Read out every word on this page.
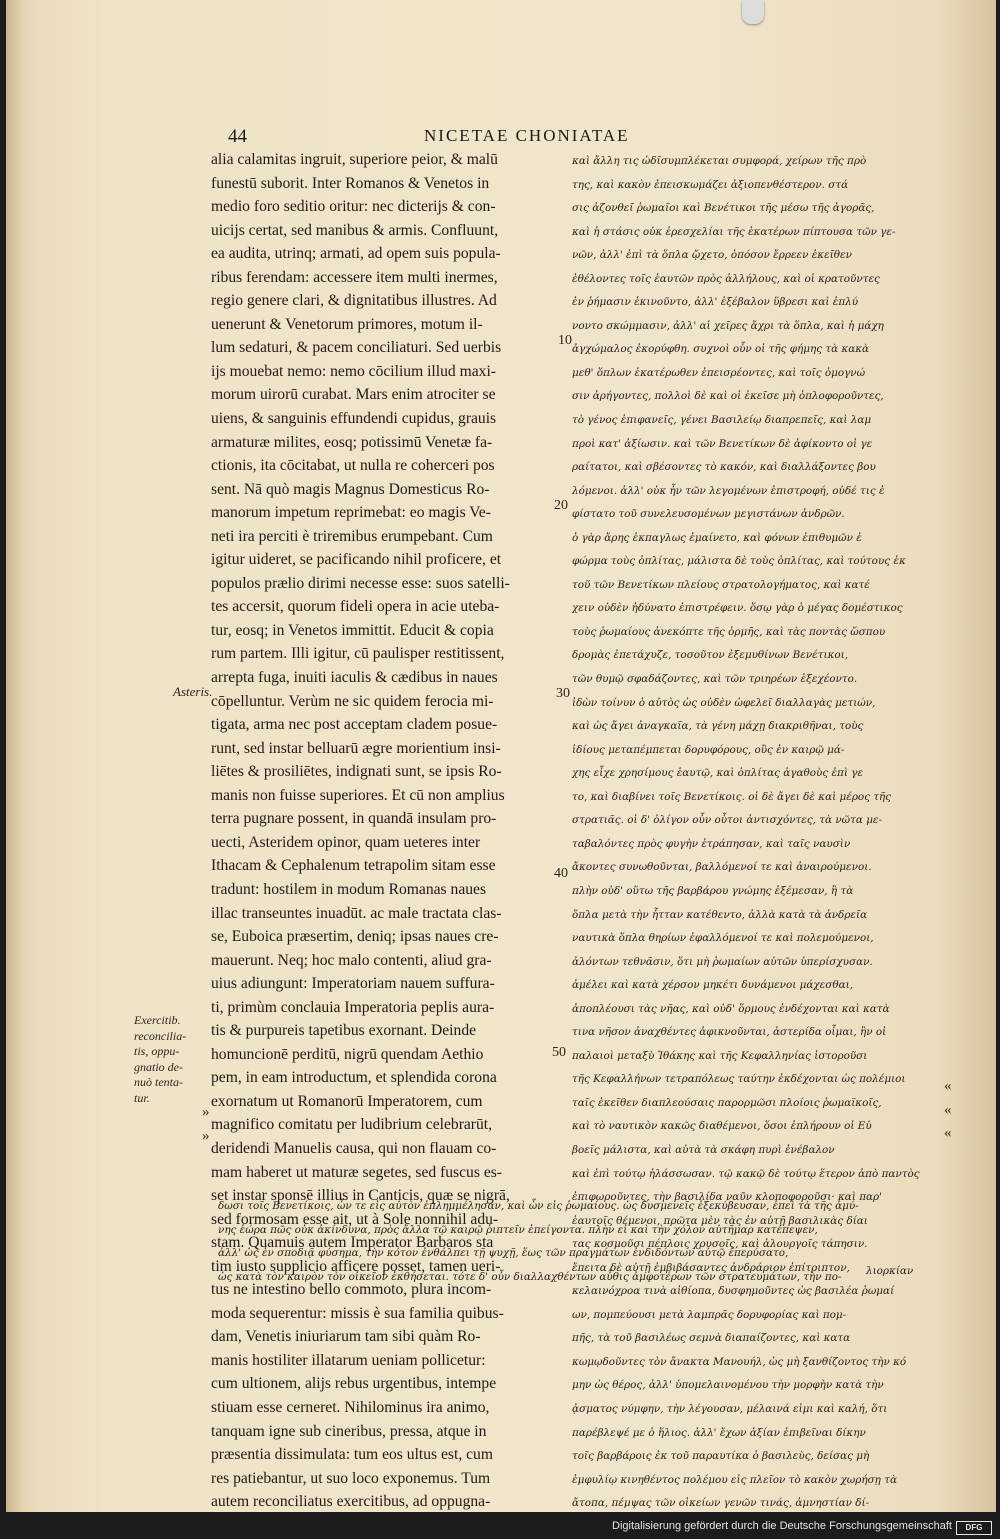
44	NICETAE CHONIATAE
alia calamitas ingruit, superiore peior, & malū
funestū suborit. Inter Romanos & Venetos in
medio foro seditio oritur: nec dicterijs & con-
uicijs certat, sed manibus & armis. Confluunt,
ea audita, utrinq; armati, ad opem suis popula-
ribus ferendam: accessere item multi inermes,
regio genere clari, & dignitatibus illustres. Ad
uenerunt & Venetorum primores, motum il-
lum sedaturi, & pacem conciliaturi. Sed uerbis
ijs mouebat nemo: nemo cōcilium illud maxi-
morum uirorū curabat. Mars enim atrociter se
uiens, & sanguinis effundendi cupidus, grauis
armaturæ milites, eosq; potissimū Venetæ fa-
ctionis, ita cōcitabat, ut nulla re coherceri pos
sent. Nā quò magis Magnus Domesticus Ro-
manorum impetum reprimebat: eo magis Ve-
neti ira perciti è triremibus erumpebant. Cum
igitur uideret, se pacificando nihil proficere, et
populos prælio dirimi necesse esse: suos satelli-
tes accersit, quorum fideli opera in acie uteba-
tur, eosq; in Venetos immittit. Educit & copia
rum partem. Illi igitur, cū paulisper restitissent,
arrepta fuga, inuiti iaculis & cædibus in naues
cōpelluntur. Verùm ne sic quidem ferocia mi-
tigata, arma nec post acceptam cladem posue-
runt, sed instar belluarū ægre morientium insi-
liētes & prosiliētes, indignati sunt, se ipsis Ro-
manis non fuisse superiores. Et cū non amplius
terra pugnare possent, in quandā insulam pro-
uecti, Asteridem opinor, quam ueteres inter
Ithacam & Cephalenum tetrapolim sitam esse
tradunt: hostilem in modum Romanas naues
illac transeuntes inuadūt. ac male tractata clas-
se, Euboica præsertim, deniq; ipsas naues cre-
mauerunt. Neq; hoc malo contenti, aliud gra-
uius adiungunt: Imperatoriam nauem suffura-
ti, primùm conclauia Imperatoria peplis aura-
tis & purpureis tapetibus exornant. Deinde
homuncionē perditū, nigrū quendam Aethio
pem, in eam introductum, et splendida corona
exornatum ut Romanorū Imperatorem, cum
magnifico comitatu per ludibrium celebrarūt,
deridendi Manuelis causa, qui non flauam co-
mam haberet ut maturæ segetes, sed fuscus es-
set instar sponsē illius in Canticis, quæ se nigrā,
sed formosam esse ait, ut à Sole nonnihil adu-
stam. Quamuis autem Imperator Barbaros sta
tim iusto supplicio afficere posset, tamen ueri-
tus ne intestino bello commoto, plura incom-
moda sequerentur: missis è sua familia quibus-
dam, Venetis iniuriarum tam sibi quàm Ro-
manis hostiliter illatarum ueniam pollicetur:
cum ultionem, alijs rebus urgentibus, intempe
stiuam esse cerneret. Nihilominus ira animo,
tanquam igne sub cineribus, pressa, atque in
præsentia dissimulata: tum eos ultus est, cum
res patiebantur, ut suo loco exponemus. Tum
autem reconciliatus exercitibus, ad oppugna-
καὶ ἄλλη τις ὠδῖσυμπλέκεται συμφορά, χείρων τῆς πρὸ
της, καὶ κακὸν ἐπεισκωμάζει ἀξιοπενθέστερον. στά
σις ἀζονθεῖ ῥωμαῖοι καὶ Βενέτικοι τῆς μέσω τῆς ἀγορᾶς,
καὶ ἡ στάσις οὐκ ἐρεσχελίαι τῆς ἑκατέρων πίπτουσα τῶν γε-
νῶν, ἀλλ' ἐπὶ τὰ ὅπλα ᾤχετο, ὁπόσον ἔρρεεν ἐκεῖθεν
ἐθέλοντες τοῖς ἑαυτῶν πρὸς ἀλλήλους, καὶ οἱ κρατοῦντες
ἐν ῥήμασιν ἐκινοῦντο, ἀλλ' ἐξέβαλον ὕβρεσι καὶ ἐπλύ
νοντο σκώμμασιν, ἀλλ' αἱ χεῖρες ἄχρι τὰ ὅπλα, καὶ ἡ μάχη
ἀγχώμαλος ἐκορύφθη. συχνοὶ οὖν οἱ τῆς φήμης τὰ κακὰ
μεθ' ὅπλων ἑκατέρωθεν ἐπεισρέοντες, καὶ τοῖς ὁμογνώ
σιν ἀρήγοντες, πολλοὶ δὲ καὶ οἱ ἐκεῖσε μὴ ὁπλοφοροῦντες,
τὸ γένος ἐπιφανεῖς, γένει Βασιλείῳ διαπρεπεῖς, καὶ λαμ
προὶ κατ' ἀξίωσιν. καὶ τῶν Βενετίκων δὲ ἀφίκοντο οἱ γε
ραίτατοι, καὶ σβέσοντες τὸ κακόν, καὶ διαλλάξοντες βου
λόμενοι. ἀλλ' οὐκ ἦν τῶν λεγομένων ἐπιστροφή, οὐδέ τις ἐ
φίστατο τοῦ συνελευσομένων μεγιστάνων ἀνδρῶν.
ὁ γὰρ ἄρης ἐκπαγλως ἐμαίνετο, καὶ φόνων ἐπιθυμῶν ἐ
φώρμα τοὺς ὁπλίτας, μάλιστα δὲ τοὺς ὁπλίτας, καὶ τούτους ἐκ
τοῦ τῶν Βενετίκων πλείους στρατολογήματος, καὶ κατέ
χειν οὐδὲν ἠδύνατο ἐπιστρέφειν. ὅσῳ γὰρ ὁ μέγας δομέστικος
τοὺς ῥωμαίους ἀνεκόπτε τῆς ὁρμῆς, καὶ τὰς ποντὰς ὥσπου
δρομὰς ἐπετάχυζε, τοσοῦτον ἐξεμυθίνων Βενέτικοι,
τῶν θυμῷ σφαδάζοντες, καὶ τῶν τριηρέων ἐξεχέοντο.
ἰδὼν τοίνυν ὁ αὐτὸς ὡς οὐδὲν ὠφελεῖ διαλλαγὰς μετιών,
καὶ ὡς ἄγει ἀναγκαῖα, τὰ γένη μάχῃ διακριθῆναι, τοὺς
ἰδίους μεταπέμπεται δορυφόρους, οὓς ἐν καιρῷ μά-
χης εἶχε χρησίμους ἑαυτῷ, καὶ ὁπλίτας ἀγαθοὺς ἐπὶ γε
το, καὶ διαβίνει τοῖς Βενετίκοις. οἱ δὲ ἄγει δὲ καὶ μέρος τῆς
στρατιᾶς. οἱ δ' ὀλίγον οὖν οὗτοι ἀντισχόντες, τὰ νῶτα με-
ταβαλόντες πρὸς φυγὴν ἐτράπησαν, καὶ ταῖς ναυσὶν
ἄκοντες συνωθοῦνται, βαλλόμενοί τε καὶ ἀναιρούμενοι.
πλὴν οὐδ' οὕτω τῆς βαρβάρου γνώμης ἐξέμεσαν, ἢ τὰ
ὅπλα μετὰ τὴν ἧτταν κατέθεντο, ἀλλὰ κατὰ τὰ ἀνδρεῖα
ναυτικὰ ὅπλα θηρίων ἐφαλλόμενοί τε καὶ πολεμούμενοι,
ἀλόντων τεθνᾶσιν, ὅτι μὴ ῥωμαίων αὐτῶν ὑπερίσχυσαν.
ἀμέλει καὶ κατὰ χέρσον μηκέτι δυνάμενοι μάχεσθαι,
ἀποπλέουσι τὰς νῆας, καὶ οὐδ' ὅρμους ἐνδέχονται καὶ κατὰ
τινα νῆσον ἀναχθέντες ἀφικνοῦνται, ἀστερίδα οἶμαι, ἣν οἱ
παλαιοὶ μεταξὺ Ἰθάκης καὶ τῆς Κεφαλληνίας ἱστοροῦσι
τῆς Κεφαλλήνων τετραπόλεως ταύτην ἐκδέχονται ὡς πολέμιοι
ταῖς ἐκεῖθεν διαπλεούσαις παρορμῶσι πλοίοις ῥωμαϊκοῖς,
καὶ τὸ ναυτικὸν κακῶς διαθέμενοι, ὅσοι ἐπλήρουν οἱ Εὐ
βοεῖς μάλιστα, καὶ αὐτὰ τὰ σκάφη πυρὶ ἐνέβαλον
καὶ ἐπὶ τούτῳ ἠλάσσωσαν. τῷ κακῷ δὲ τούτῳ ἕτερον ἀπὸ παντὸς
ἐπιφωροῦντες, τὴν βασιλίδα ναῦν κλοποφοροῦσι· καὶ παρ'
ἑαυτοῖς θέμενοι, πρῶτα μὲν τὰς ἐν αὐτῇ βασιλικὰς δίαι
τας κοσμοῦσι πέπλοις χρυσοῖς, καὶ ἁλουργοῖς τάπησιν.
ἔπειτα δὲ αὐτῇ ἐμβιβάσαντες ἀνδράριον ἐπίτριπτον,
κελαινόχροα τινὰ αἰθίοπα, δυσφημοῦντες ὡς βασιλέα ῥωμαί
ων, πομπεύουσι μετὰ λαμπρᾶς δορυφορίας καὶ πομ-
πῆς, τὰ τοῦ βασιλέως σεμνὰ διαπαίζοντες, καὶ κατα
κωμῳδοῦντες τὸν ἄνακτα Μανουήλ, ὡς μὴ ξανθίζοντος τὴν κό
μην ὡς θέρος, ἀλλ' ὑπομελαινομένου τὴν μορφὴν κατὰ τὴν
ᾀσματος νύμφην, τὴν λέγουσαν, μέλαινά εἰμι καὶ καλή, ὅτι
παρέβλεψέ με ὁ ἥλιος. ἀλλ' ἔχων ἀξίαν ἐπιβεῖναι δίκην
τοῖς βαρβάροις ἐκ τοῦ παραυτίκα ὁ βασιλεὺς, δείσας μὴ
ἐμφυλίῳ κινηθέντος πολέμου εἰς πλεῖον τὸ κακὸν χωρήσῃ τὰ
ἄτοπα, πέμψας τῶν οἰκείων γενῶν τινάς, ἀμνηστίαν δί-
δωσι τοῖς Βενετίκοις, ὧν τε εἰς αὐτὸν ἐπλημμέλησαν, καὶ ὧν εἰς ῥωμαίους. ὡς δυσμενεῖς ἐξεκύβευσαν, ἐπεὶ τὰ τῆς ἀμύ-
νης ἑώρα πῶς οὐκ ἀκίνδυνα, πρὸς ἄλλα τῷ καιρῷ ῥιπτεῖν ἐπείγοντα. πλὴν εἰ καὶ τὴν χόλον αὐτῆμαρ κατέπεψεν,
ἀλλ' ὡς ἐν σποδιᾷ φύσημα, τὴν κότον ἐνθάλπει τῇ ψυχῇ, ἕως τῶν πραγμάτων ἐνδιδόντων αὐτῷ ἐπερύσατο,
ὡς κατὰ τὸν καιρὸν τὸν οἰκεῖον ἐκθήσεται. τότε δ' οὖν διαλλαχθέντων αὖθις ἀμφοτέρων τῶν στρατευμάτων, τὴν πο-	λιορκίαν
10
20
30
40
50
Asteris.
Exercitib.
reconcilia-
tis, oppu-
gnatio de-
nuò tenta-
tur.
»
»
«
«
«
Digitalisierung gefördert durch die Deutsche Forschungsgemeinschaft	DFG
